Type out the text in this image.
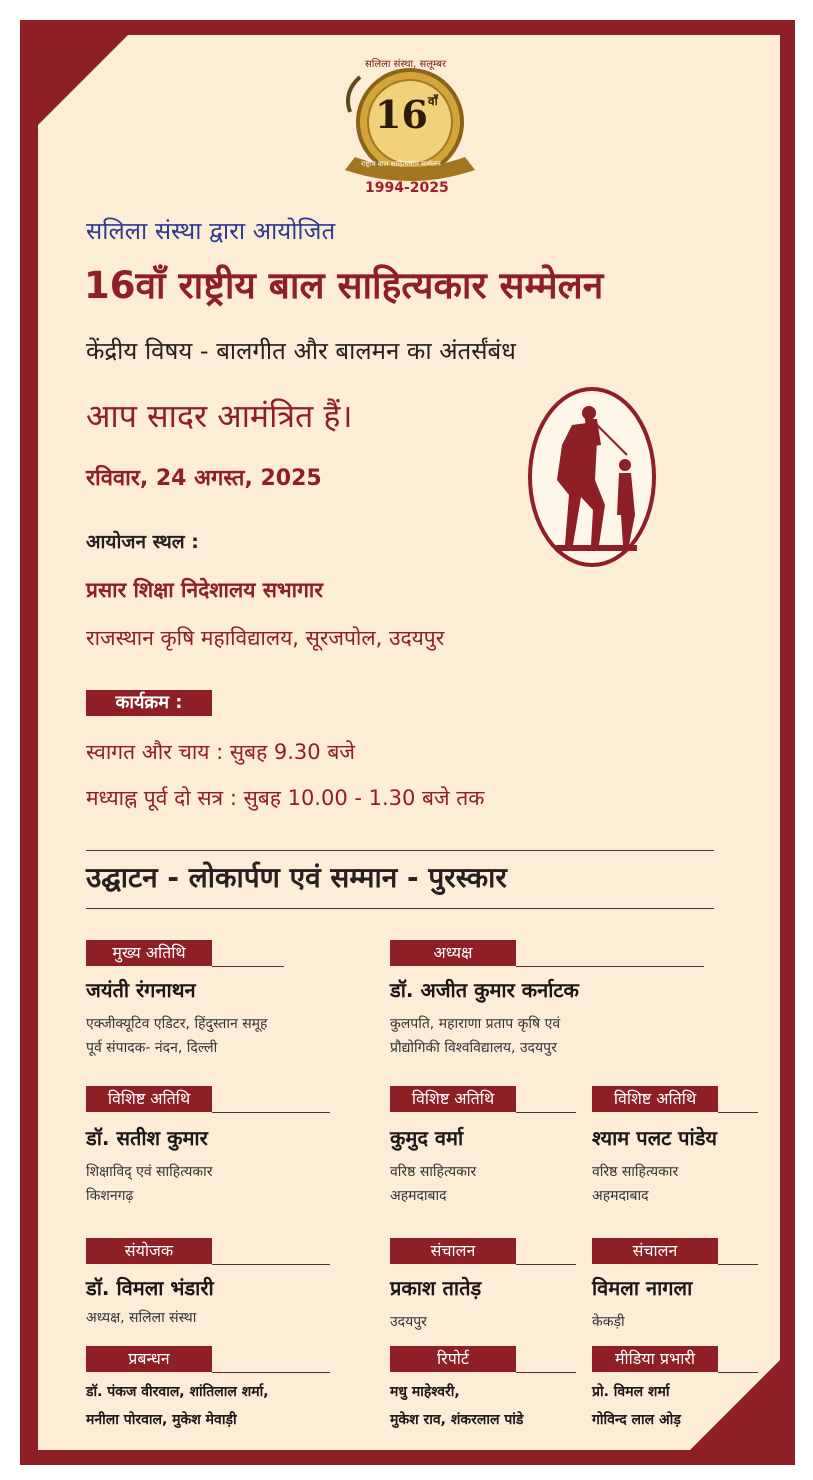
सलिला संस्था, सलूम्बर
$16^{वाँ}$
राष्ट्रीय बाल साहित्यकार सम्मेलन
1994-2025
सलिला संस्था द्वारा आयोजित
16वाँ राष्ट्रीय बाल साहित्यकार सम्मेलन
केंद्रीय विषय - बालगीत और बालमन का अंतर्संबंध
आप सादर आमंत्रित हैं।
रविवार, 24 अगस्त, 2025
आयोजन स्थल :
प्रसार शिक्षा निदेशालय सभागार
राजस्थान कृषि महाविद्यालय, सूरजपोल, उदयपुर
कार्यक्रम :
स्वागत और चाय : सुबह 9.30 बजे
मध्याह्न पूर्व दो सत्र : सुबह 10.00 - 1.30 बजे तक
उद्घाटन - लोकार्पण एवं सम्मान - पुरस्कार
मुख्य अतिथि
जयंती रंगनाथन
एक्जीक्यूटिव एडिटर, हिंदुस्तान समूह
पूर्व संपादक- नंदन, दिल्ली
अध्यक्ष
डॉ. अजीत कुमार कर्नाटक
कुलपति, महाराणा प्रताप कृषि एवं
प्रौद्योगिकी विश्वविद्यालय, उदयपुर
विशिष्ट अतिथि
डॉ. सतीश कुमार
शिक्षाविद् एवं साहित्यकार
किशनगढ़
विशिष्ट अतिथि
कुमुद वर्मा
वरिष्ठ साहित्यकार
अहमदाबाद
विशिष्ट अतिथि
श्याम पलट पांडेय
वरिष्ठ साहित्यकार
अहमदाबाद
संयोजक
डॉ. विमला भंडारी
अध्यक्ष, सलिला संस्था
संचालन
प्रकाश तातेड़
उदयपुर
संचालन
विमला नागला
केकड़ी
प्रबन्धन
डॉ. पंकज वीरवाल, शांतिलाल शर्मा,
मनीला पोरवाल, मुकेश मेवाड़ी
रिपोर्ट
मधु माहेश्वरी,
मुकेश राव, शंकरलाल पांडे
मीडिया प्रभारी
प्रो. विमल शर्मा
गोविन्द लाल ओड़
